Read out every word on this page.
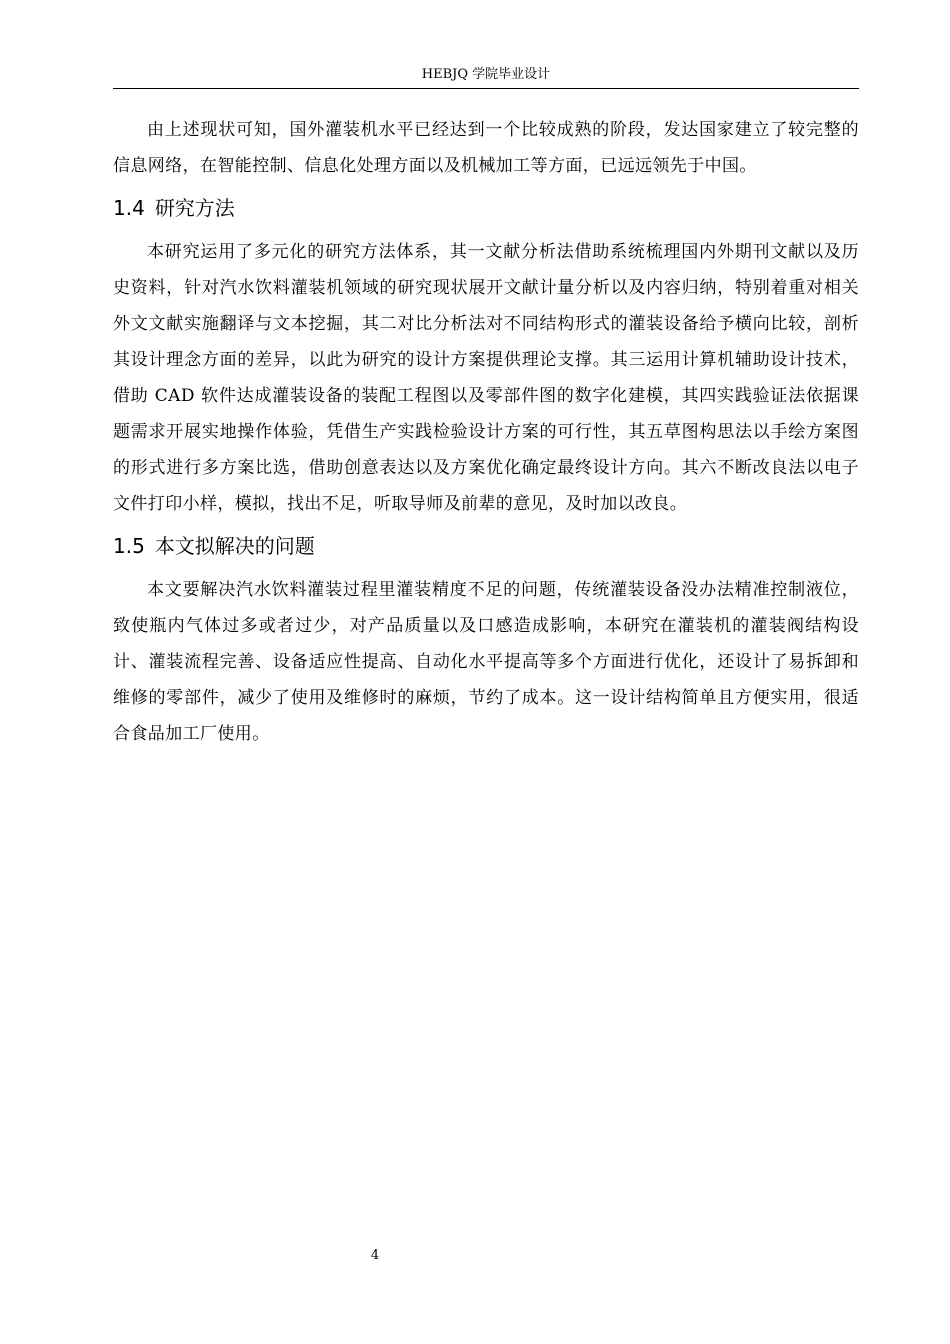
HEBJQ 学院毕业设计

由上述现状可知，国外灌装机水平已经达到一个比较成熟的阶段，发达国家建立了较完整的信息网络，在智能控制、信息化处理方面以及机械加工等方面，已远远领先于中国。

1.4 研究方法

本研究运用了多元化的研究方法体系，其一文献分析法借助系统梳理国内外期刊文献以及历史资料，针对汽水饮料灌装机领域的研究现状展开文献计量分析以及内容归纳，特别着重对相关外文文献实施翻译与文本挖掘，其二对比分析法对不同结构形式的灌装设备给予横向比较，剖析其设计理念方面的差异，以此为研究的设计方案提供理论支撑。其三运用计算机辅助设计技术，借助 CAD 软件达成灌装设备的装配工程图以及零部件图的数字化建模，其四实践验证法依据课题需求开展实地操作体验，凭借生产实践检验设计方案的可行性，其五草图构思法以手绘方案图的形式进行多方案比选，借助创意表达以及方案优化确定最终设计方向。其六不断改良法以电子文件打印小样，模拟，找出不足，听取导师及前辈的意见，及时加以改良。

1.5 本文拟解决的问题

本文要解决汽水饮料灌装过程里灌装精度不足的问题，传统灌装设备没办法精准控制液位，致使瓶内气体过多或者过少，对产品质量以及口感造成影响，本研究在灌装机的灌装阀结构设计、灌装流程完善、设备适应性提高、自动化水平提高等多个方面进行优化，还设计了易拆卸和维修的零部件，减少了使用及维修时的麻烦，节约了成本。这一设计结构简单且方便实用，很适合食品加工厂使用。

4
